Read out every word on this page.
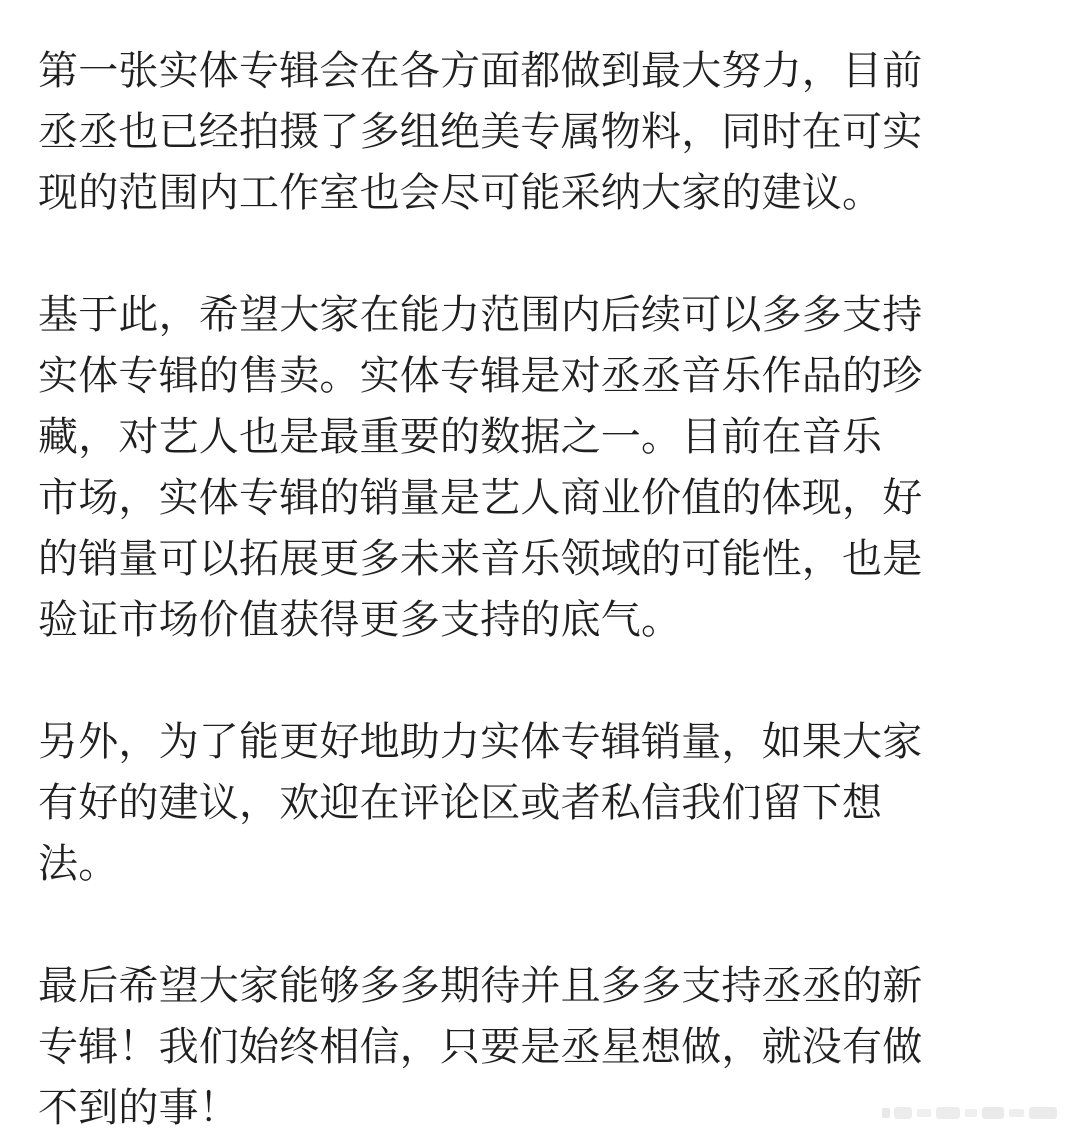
第一张实体专辑会在各方面都做到最大努力，目前
丞丞也已经拍摄了多组绝美专属物料，同时在可实
现的范围内工作室也会尽可能采纳大家的建议。
基于此，希望大家在能力范围内后续可以多多支持
实体专辑的售卖。实体专辑是对丞丞音乐作品的珍
藏，对艺人也是最重要的数据之一。目前在音乐
市场，实体专辑的销量是艺人商业价值的体现，好
的销量可以拓展更多未来音乐领域的可能性，也是
验证市场价值获得更多支持的底气。
另外，为了能更好地助力实体专辑销量，如果大家
有好的建议，欢迎在评论区或者私信我们留下想
法。
最后希望大家能够多多期待并且多多支持丞丞的新
专辑！我们始终相信，只要是丞星想做，就没有做
不到的事！
